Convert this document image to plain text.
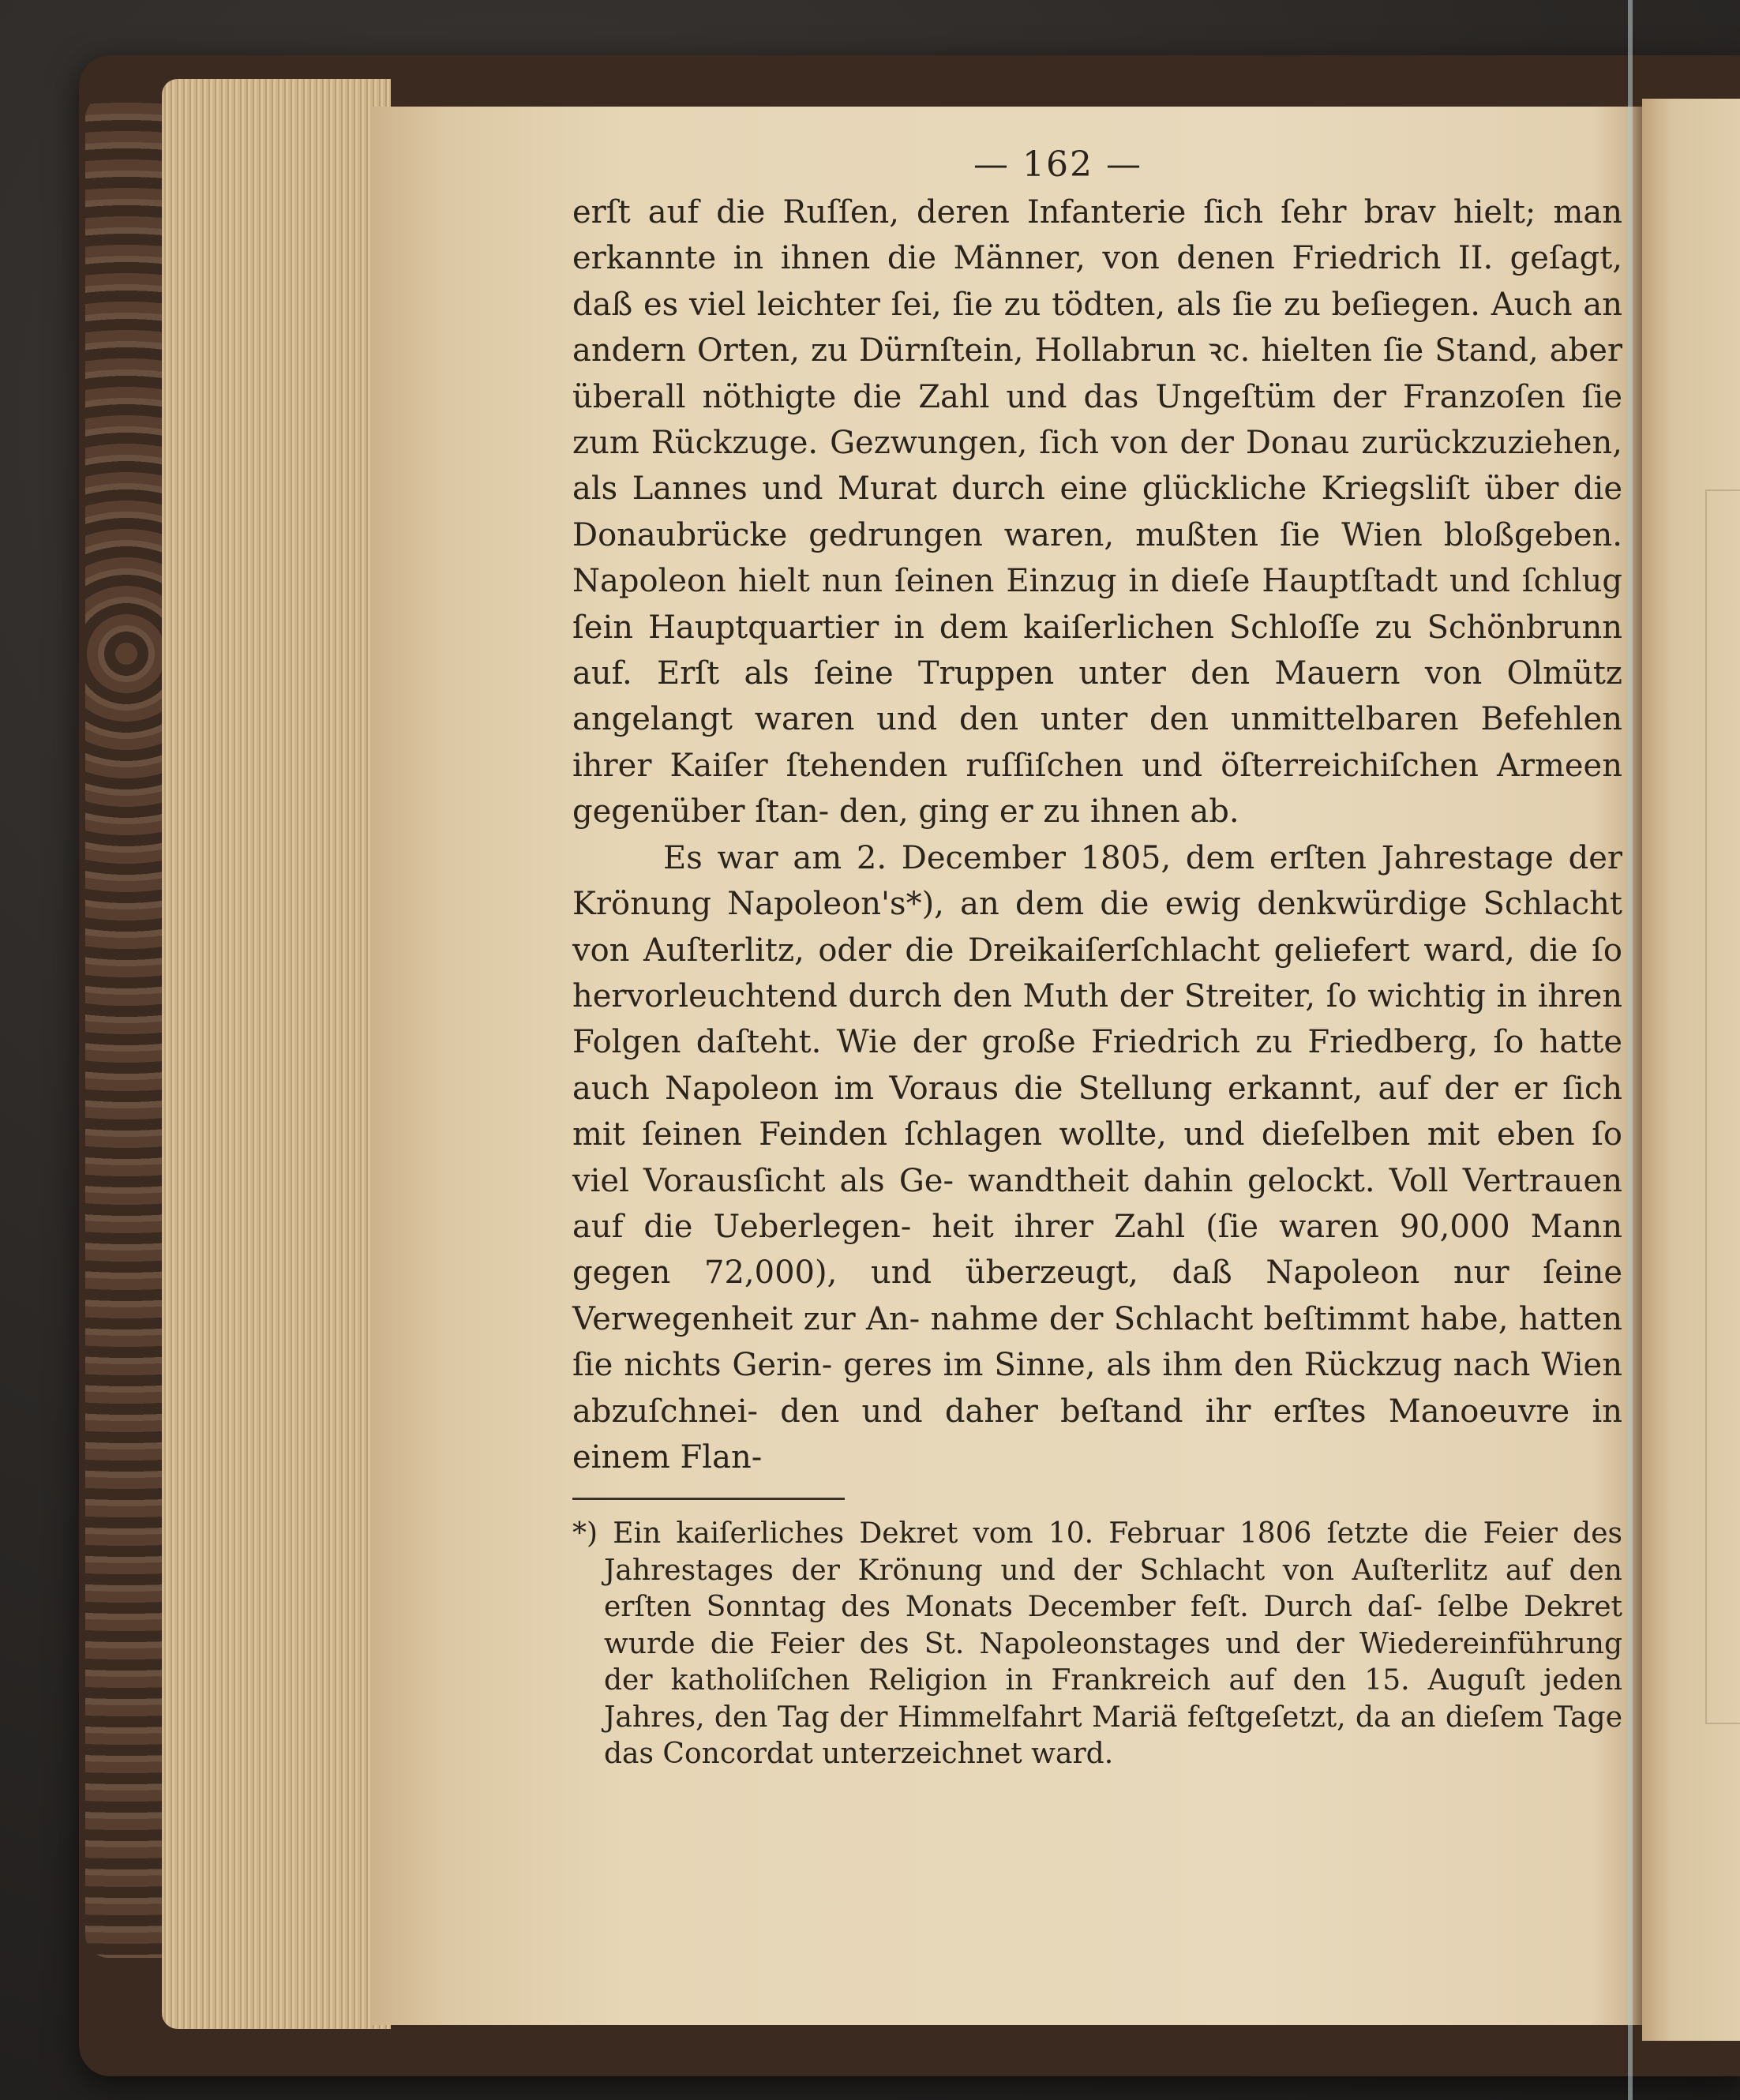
— 162 —

erſt auf die Ruſſen, deren Infanterie ſich ſehr brav hielt; man erkannte in ihnen die Männer, von denen Friedrich II. geſagt, daß es viel leichter ſei, ſie zu tödten, als ſie zu beſiegen. Auch an andern Orten, zu Dürnſtein, Hollabrun ꝛc. hielten ſie Stand, aber überall nöthigte die Zahl und das Ungeſtüm der Franzoſen ſie zum Rückzuge. Gezwungen, ſich von der Donau zurückzuziehen, als Lannes und Murat durch eine glückliche Kriegsliſt über die Donaubrücke gedrungen waren, mußten ſie Wien bloßgeben. Napoleon hielt nun ſeinen Einzug in dieſe Hauptſtadt und ſchlug ſein Hauptquartier in dem kaiſerlichen Schloſſe zu Schönbrunn auf. Erſt als ſeine Truppen unter den Mauern von Olmütz angelangt waren und den unter den unmittelbaren Befehlen ihrer Kaiſer ſtehenden ruſſiſchen und öſterreichiſchen Armeen gegenüber ſtan- den, ging er zu ihnen ab.

Es war am 2. December 1805, dem erſten Jahrestage der Krönung Napoleon's*), an dem die ewig denkwürdige Schlacht von Auſterlitz, oder die Dreikaiſerſchlacht geliefert ward, die ſo hervorleuchtend durch den Muth der Streiter, ſo wichtig in ihren Folgen daſteht. Wie der große Friedrich zu Friedberg, ſo hatte auch Napoleon im Voraus die Stellung erkannt, auf der er ſich mit ſeinen Feinden ſchlagen wollte, und dieſelben mit eben ſo viel Vorausſicht als Ge- wandtheit dahin gelockt. Voll Vertrauen auf die Ueberlegen- heit ihrer Zahl (ſie waren 90,000 Mann gegen 72,000), und überzeugt, daß Napoleon nur ſeine Verwegenheit zur An- nahme der Schlacht beſtimmt habe, hatten ſie nichts Gerin- geres im Sinne, als ihm den Rückzug nach Wien abzuſchnei- den und daher beſtand ihr erſtes Manoeuvre in einem Flan-

*) Ein kaiſerliches Dekret vom 10. Februar 1806 ſetzte die Feier des Jahrestages der Krönung und der Schlacht von Auſterlitz auf den erſten Sonntag des Monats December feſt. Durch daſ- ſelbe Dekret wurde die Feier des St. Napoleonstages und der Wiedereinführung der katholiſchen Religion in Frankreich auf den 15. Auguſt jeden Jahres, den Tag der Himmelfahrt Mariä feſtgeſetzt, da an dieſem Tage das Concordat unterzeichnet ward.
